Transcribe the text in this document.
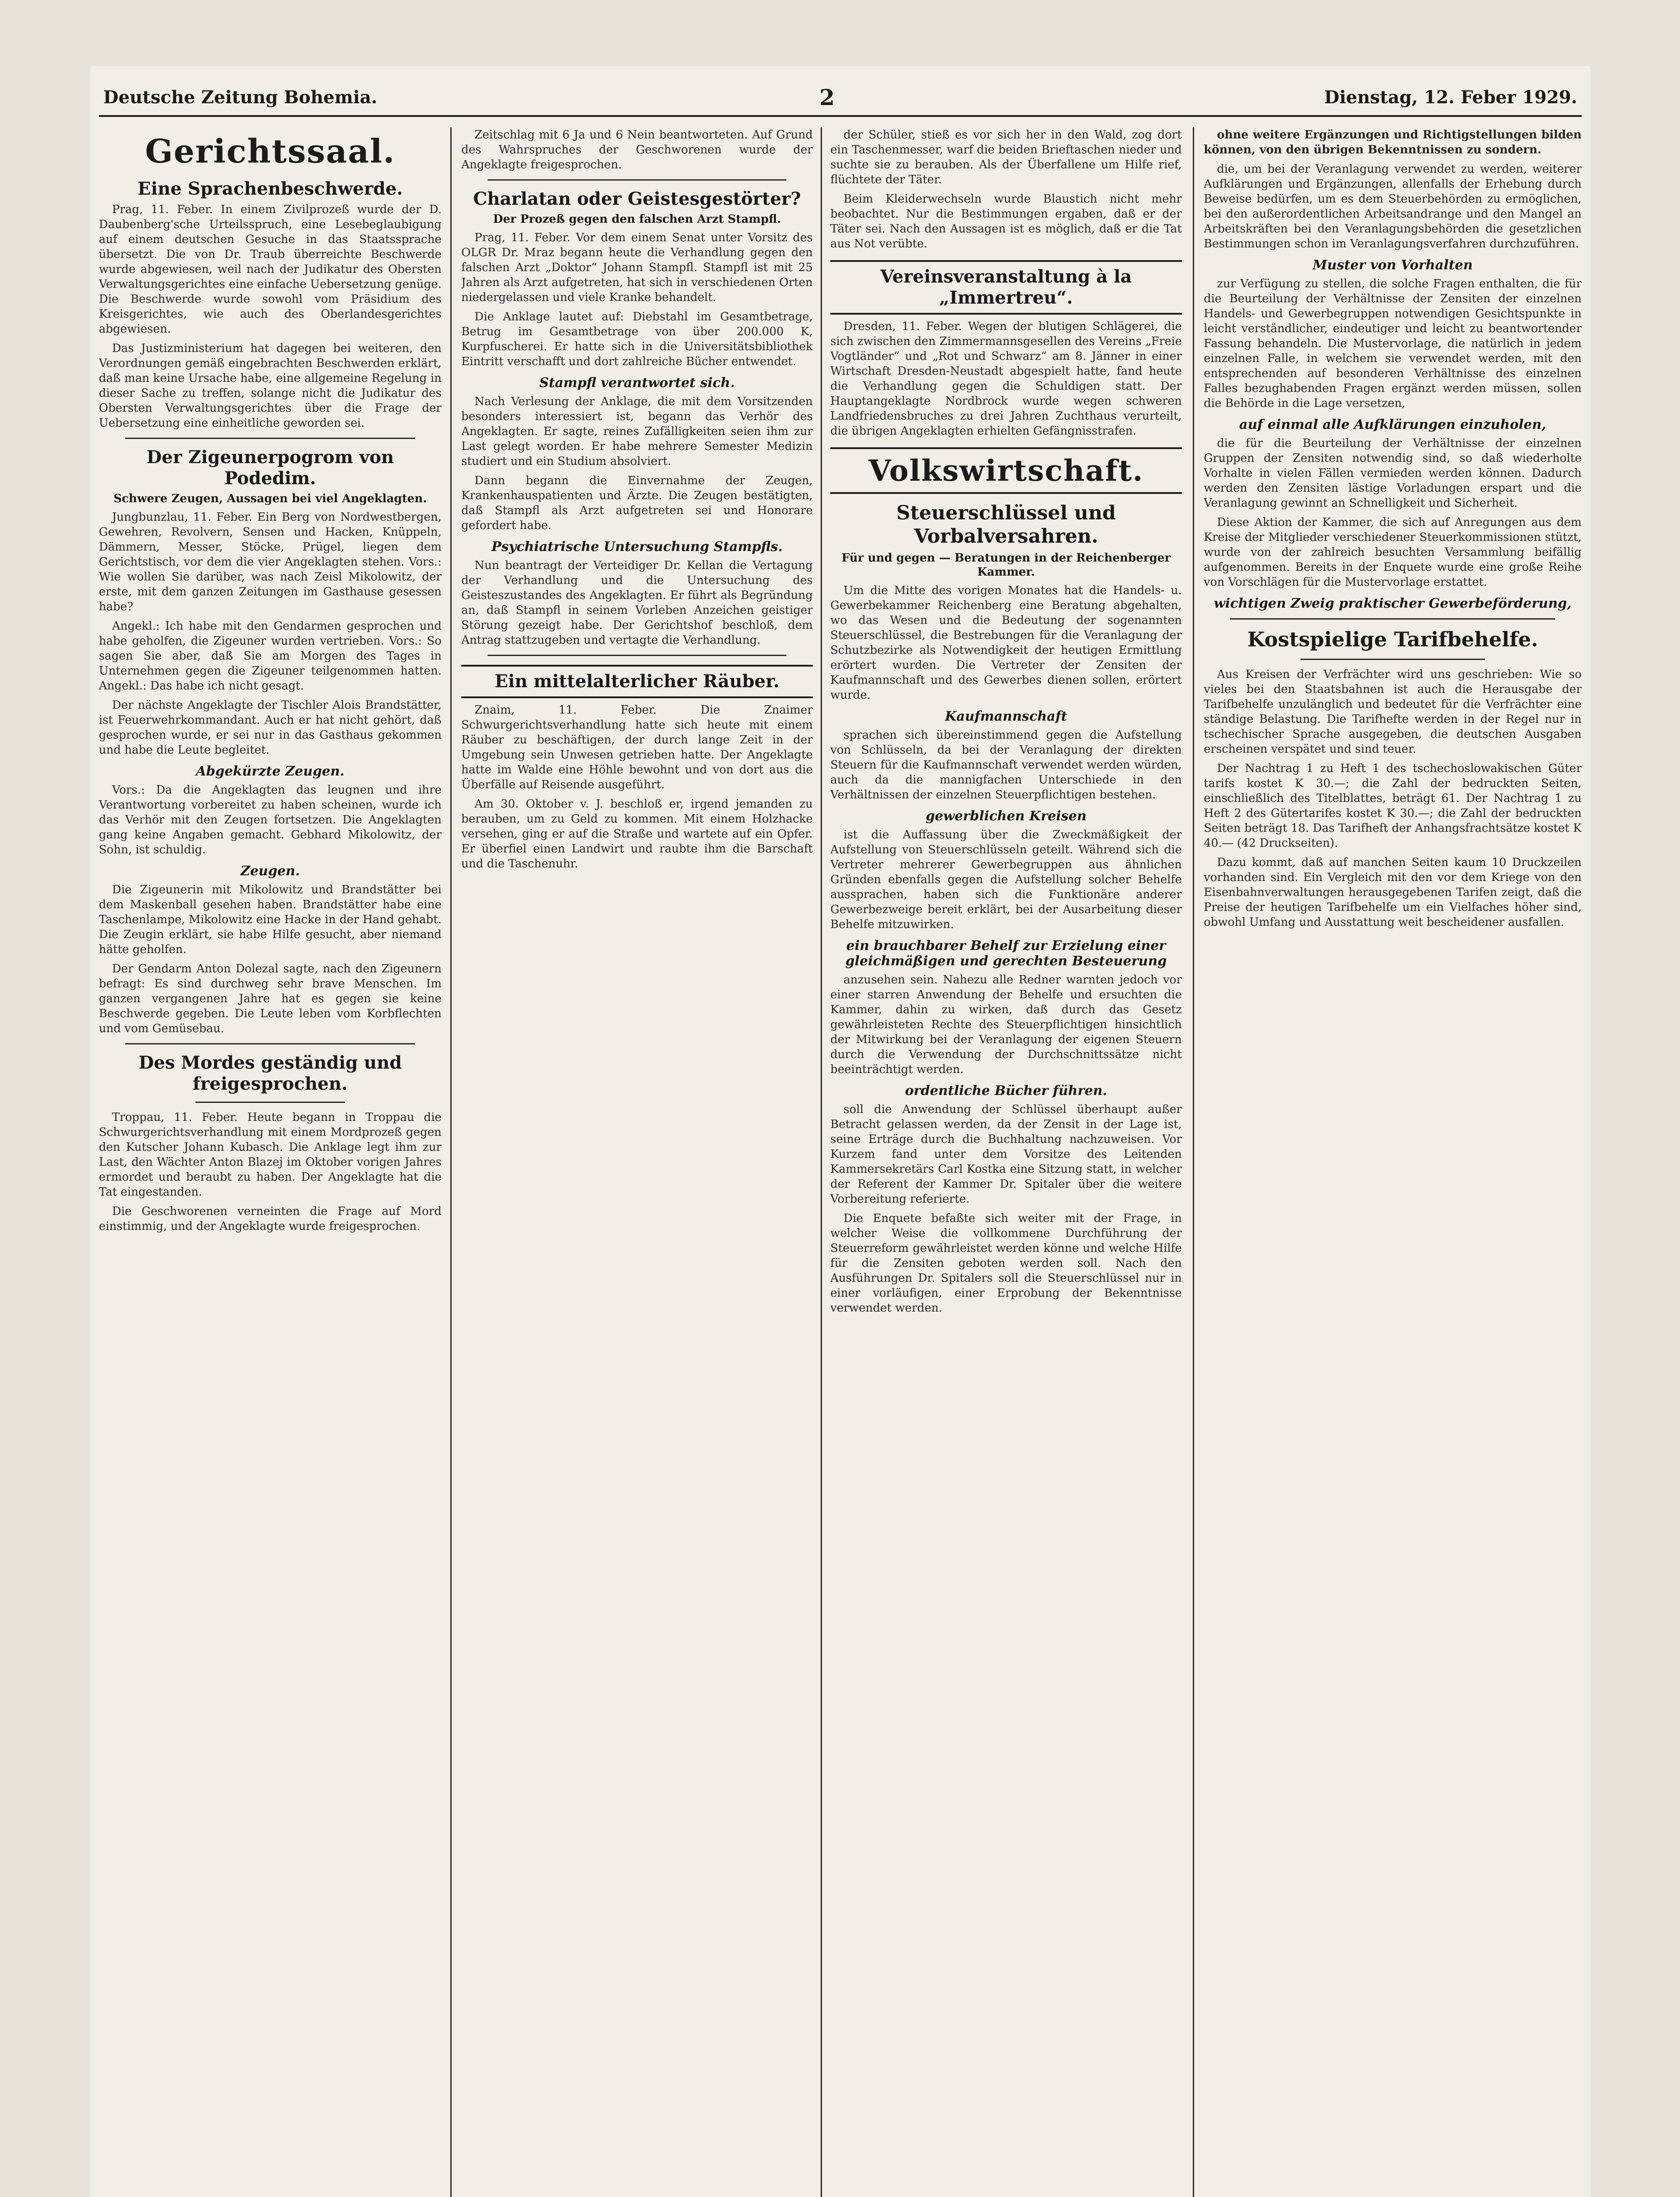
Deutsche Zeitung Bohemia.	2	Dienstag, 12. Feber 1929.
Gerichtssaal.
Eine Sprachenbeschwerde.

Prag, 11. Feber. In einem Zivilprozeß wurde der D. Daubenberg'sche Urteilsspruch, eine Lesebeglaubigung auf einem deutschen Gesuche in das Staatssprache übersetzt. Die von Dr. Traub überreichte Beschwerde wurde abgewiesen, weil nach der Judikatur des Obersten Verwaltungsgerichtes eine einfache Uebersetzung genüge. Die Beschwerde wurde sowohl vom Präsidium des Kreisgerichtes, wie auch des Oberlandesgerichtes abgewiesen.

Das Justizministerium hat dagegen bei weiteren, den Verordnungen gemäß eingebrachten Beschwerden erklärt, daß man keine Ursache habe, eine allgemeine Regelung in dieser Sache zu treffen, solange nicht die Judikatur des Obersten Verwaltungsgerichtes über die Frage der Uebersetzung eine einheitliche geworden sei.

Der Zigeunerpogrom von Podedim.
Schwere Zeugen, Aussagen bei viel Angeklagten.

Jungbunzlau, 11. Feber. Ein Berg von Nordwestbergen, Gewehren, Revolvern, Sensen und Hacken, Knüppeln, Dämmern, Messer, Stöcke, Prügel, liegen dem Gerichtstisch, vor dem die vier Angeklagten stehen. Vors.: Wie wollen Sie darüber, was nach Zeisl Mikolowitz, der erste, mit dem ganzen Zeitungen im Gasthause gesessen habe?

Angekl.: Ich habe mit den Gendarmen gesprochen und habe geholfen, die Zigeuner wurden vertrieben. Vors.: So sagen Sie aber, daß Sie am Morgen des Tages in Unternehmen gegen die Zigeuner teilgenommen hatten. Angekl.: Das habe ich nicht gesagt.

Der nächste Angeklagte der Tischler Alois Brandstätter, ist Feuerwehrkommandant. Auch er hat nicht gehört, daß gesprochen wurde, er sei nur in das Gasthaus gekommen und habe die Leute begleitet.

Abgekürzte Zeugen.

Vors.: Da die Angeklagten das leugnen und ihre Verantwortung vorbereitet zu haben scheinen, wurde ich das Verhör mit den Zeugen fortsetzen. Die Angeklagten gang keine Angaben gemacht. Gebhard Mikolowitz, der Sohn, ist schuldig.

Zeugen.

Die Zigeunerin mit Mikolowitz und Brandstätter bei dem Maskenball gesehen haben. Brandstätter habe eine Taschenlampe, Mikolowitz eine Hacke in der Hand gehabt. Die Zeugin erklärt, sie habe Hilfe gesucht, aber niemand hätte geholfen.

Der Gendarm Anton Dolezal sagte, nach den Zigeunern befragt: Es sind durchweg sehr brave Menschen. Im ganzen vergangenen Jahre hat es gegen sie keine Beschwerde gegeben. Die Leute leben vom Korbflechten und vom Gemüsebau.

Des Mordes geständig und freigesprochen.

Troppau, 11. Feber. Heute begann in Troppau die Schwurgerichtsverhandlung mit einem Mordprozeß gegen den Kutscher Johann Kubasch. Die Anklage legt ihm zur Last, den Wächter Anton Blazej im Oktober vorigen Jahres ermordet und beraubt zu haben. Der Angeklagte hat die Tat eingestanden.

Die Geschworenen verneinten die Frage auf Mord einstimmig, und der Angeklagte wurde freigesprochen.

Zeitschlag mit 6 Ja und 6 Nein beantworteten. Auf Grund des Wahrspruches der Geschworenen wurde der Angeklagte freigesprochen.

Charlatan oder Geistesgestörter?
Der Prozeß gegen den falschen Arzt Stampfl.

Prag, 11. Feber. Vor dem einem Senat unter Vorsitz des OLGR Dr. Mraz begann heute die Verhandlung gegen den falschen Arzt „Doktor“ Johann Stampfl. Stampfl ist mit 25 Jahren als Arzt aufgetreten, hat sich in verschiedenen Orten niedergelassen und viele Kranke behandelt.

Die Anklage lautet auf: Diebstahl im Gesamtbetrage, Betrug im Gesamtbetrage von über 200.000 K, Kurpfuscherei. Er hatte sich in die Universitätsbibliothek Eintritt verschafft und dort zahlreiche Bücher entwendet.

Stampfl verantwortet sich.

Nach Verlesung der Anklage, die mit dem Vorsitzenden besonders interessiert ist, begann das Verhör des Angeklagten. Er sagte, reines Zufälligkeiten seien ihm zur Last gelegt worden. Er habe mehrere Semester Medizin studiert und ein Studium absolviert.

Dann begann die Einvernahme der Zeugen, Krankenhauspatienten und Ärzte. Die Zeugen bestätigten, daß Stampfl als Arzt aufgetreten sei und Honorare gefordert habe.

Psychiatrische Untersuchung Stampfls.

Nun beantragt der Verteidiger Dr. Kellan die Vertagung der Verhandlung und die Untersuchung des Geisteszustandes des Angeklagten. Er führt als Begründung an, daß Stampfl in seinem Vorleben Anzeichen geistiger Störung gezeigt habe. Der Gerichtshof beschloß, dem Antrag stattzugeben und vertagte die Verhandlung.

Ein mittelalterlicher Räuber.

Znaim, 11. Feber. Die Znaimer Schwurgerichtsverhandlung hatte sich heute mit einem Räuber zu beschäftigen, der durch lange Zeit in der Umgebung sein Unwesen getrieben hatte. Der Angeklagte hatte im Walde eine Höhle bewohnt und von dort aus die Überfälle auf Reisende ausgeführt.

Am 30. Oktober v. J. beschloß er, irgend jemanden zu berauben, um zu Geld zu kommen. Mit einem Holzhacke versehen, ging er auf die Straße und wartete auf ein Opfer. Er überfiel einen Landwirt und raubte ihm die Barschaft und die Taschenuhr.

der Schüler, stieß es vor sich her in den Wald, zog dort ein Taschenmesser, warf die beiden Brieftaschen nieder und suchte sie zu berauben. Als der Überfallene um Hilfe rief, flüchtete der Täter.

Beim Kleiderwechseln wurde Blaustich nicht mehr beobachtet. Nur die Bestimmungen ergaben, daß er der Täter sei. Nach den Aussagen ist es möglich, daß er die Tat aus Not verübte.

Vereinsveranstaltung à la „Immertreu“.

Dresden, 11. Feber. Wegen der blutigen Schlägerei, die sich zwischen den Zimmermannsgesellen des Vereins „Freie Vogtländer“ und „Rot und Schwarz“ am 8. Jänner in einer Wirtschaft Dresden-Neustadt abgespielt hatte, fand heute die Verhandlung gegen die Schuldigen statt. Der Hauptangeklagte Nordbrock wurde wegen schweren Landfriedensbruches zu drei Jahren Zuchthaus verurteilt, die übrigen Angeklagten erhielten Gefängnisstrafen.

Volkswirtschaft.
Steuerschlüssel und Vorbalversahren.
Für und gegen — Beratungen in der Reichenberger Kammer.

Um die Mitte des vorigen Monates hat die Handels- u. Gewerbekammer Reichenberg eine Beratung abgehalten, wo das Wesen und die Bedeutung der sogenannten Steuerschlüssel, die Bestrebungen für die Veranlagung der Schutzbezirke als Notwendigkeit der heutigen Ermittlung erörtert wurden. Die Vertreter der Zensiten der Kaufmannschaft und des Gewerbes dienen sollen, erörtert wurde.

Kaufmannschaft

sprachen sich übereinstimmend gegen die Aufstellung von Schlüsseln, da bei der Veranlagung der direkten Steuern für die Kaufmannschaft verwendet werden würden, auch da die mannigfachen Unterschiede in den Verhältnissen der einzelnen Steuerpflichtigen bestehen.

gewerblichen Kreisen

ist die Auffassung über die Zweckmäßigkeit der Aufstellung von Steuerschlüsseln geteilt. Während sich die Vertreter mehrerer Gewerbegruppen aus ähnlichen Gründen ebenfalls gegen die Aufstellung solcher Behelfe aussprachen, haben sich die Funktionäre anderer Gewerbezweige bereit erklärt, bei der Ausarbeitung dieser Behelfe mitzuwirken.

ein brauchbarer Behelf zur Erzielung einer gleichmäßigen und gerechten Besteuerung

anzusehen sein. Nahezu alle Redner warnten jedoch vor einer starren Anwendung der Behelfe und ersuchten die Kammer, dahin zu wirken, daß durch das Gesetz gewährleisteten Rechte des Steuerpflichtigen hinsichtlich der Mitwirkung bei der Veranlagung der eigenen Steuern durch die Verwendung der Durchschnittssätze nicht beeinträchtigt werden.

ordentliche Bücher führen.

soll die Anwendung der Schlüssel überhaupt außer Betracht gelassen werden, da der Zensit in der Lage ist, seine Erträge durch die Buchhaltung nachzuweisen. Vor Kurzem fand unter dem Vorsitze des Leitenden Kammersekretärs Carl Kostka eine Sitzung statt, in welcher der Referent der Kammer Dr. Spitaler über die weitere Vorbereitung referierte.

Die Enquete befaßte sich weiter mit der Frage, in welcher Weise die vollkommene Durchführung der Steuerreform gewährleistet werden könne und welche Hilfe für die Zensiten geboten werden soll. Nach den Ausführungen Dr. Spitalers soll die Steuerschlüssel nur in einer vorläufigen, einer Erprobung der Bekenntnisse verwendet werden.

ohne weitere Ergänzungen und Richtigstellungen bilden können, von den übrigen Bekenntnissen zu sondern.

die, um bei der Veranlagung verwendet zu werden, weiterer Aufklärungen und Ergänzungen, allenfalls der Erhebung durch Beweise bedürfen, um es dem Steuerbehörden zu ermöglichen, bei den außerordentlichen Arbeitsandrange und den Mangel an Arbeitskräften bei den Veranlagungsbehörden die gesetzlichen Bestimmungen schon im Veranlagungsverfahren durchzuführen.

Muster von Vorhalten

zur Verfügung zu stellen, die solche Fragen enthalten, die für die Beurteilung der Verhältnisse der Zensiten der einzelnen Handels- und Gewerbegruppen notwendigen Gesichtspunkte in leicht verständlicher, eindeutiger und leicht zu beantwortender Fassung behandeln. Die Mustervorlage, die natürlich in jedem einzelnen Falle, in welchem sie verwendet werden, mit den entsprechenden auf besonderen Verhältnisse des einzelnen Falles bezughabenden Fragen ergänzt werden müssen, sollen die Behörde in die Lage versetzen,

auf einmal alle Aufklärungen einzuholen,

die für die Beurteilung der Verhältnisse der einzelnen Gruppen der Zensiten notwendig sind, so daß wiederholte Vorhalte in vielen Fällen vermieden werden können. Dadurch werden den Zensiten lästige Vorladungen erspart und die Veranlagung gewinnt an Schnelligkeit und Sicherheit.

Diese Aktion der Kammer, die sich auf Anregungen aus dem Kreise der Mitglieder verschiedener Steuerkommissionen stützt, wurde von der zahlreich besuchten Versammlung beifällig aufgenommen. Bereits in der Enquete wurde eine große Reihe von Vorschlägen für die Mustervorlage erstattet.

wichtigen Zweig praktischer Gewerbeförderung,
Kostspielige Tarifbehelfe.

Aus Kreisen der Verfrächter wird uns geschrieben: Wie so vieles bei den Staatsbahnen ist auch die Herausgabe der Tarifbehelfe unzulänglich und bedeutet für die Verfrächter eine ständige Belastung. Die Tarifhefte werden in der Regel nur in tschechischer Sprache ausgegeben, die deutschen Ausgaben erscheinen verspätet und sind teuer.

Der Nachtrag 1 zu Heft 1 des tschechoslowakischen Güter tarifs kostet K 30.—; die Zahl der bedruckten Seiten, einschließlich des Titelblattes, beträgt 61. Der Nachtrag 1 zu Heft 2 des Gütertarifes kostet K 30.—; die Zahl der bedruckten Seiten beträgt 18. Das Tarifheft der Anhangsfrachtsätze kostet K 40.— (42 Druckseiten).

Dazu kommt, daß auf manchen Seiten kaum 10 Druckzeilen vorhanden sind. Ein Vergleich mit den vor dem Kriege von den Eisenbahnverwaltungen herausgegebenen Tarifen zeigt, daß die Preise der heutigen Tarifbehelfe um ein Vielfaches höher sind, obwohl Umfang und Ausstattung weit bescheidener ausfallen.
